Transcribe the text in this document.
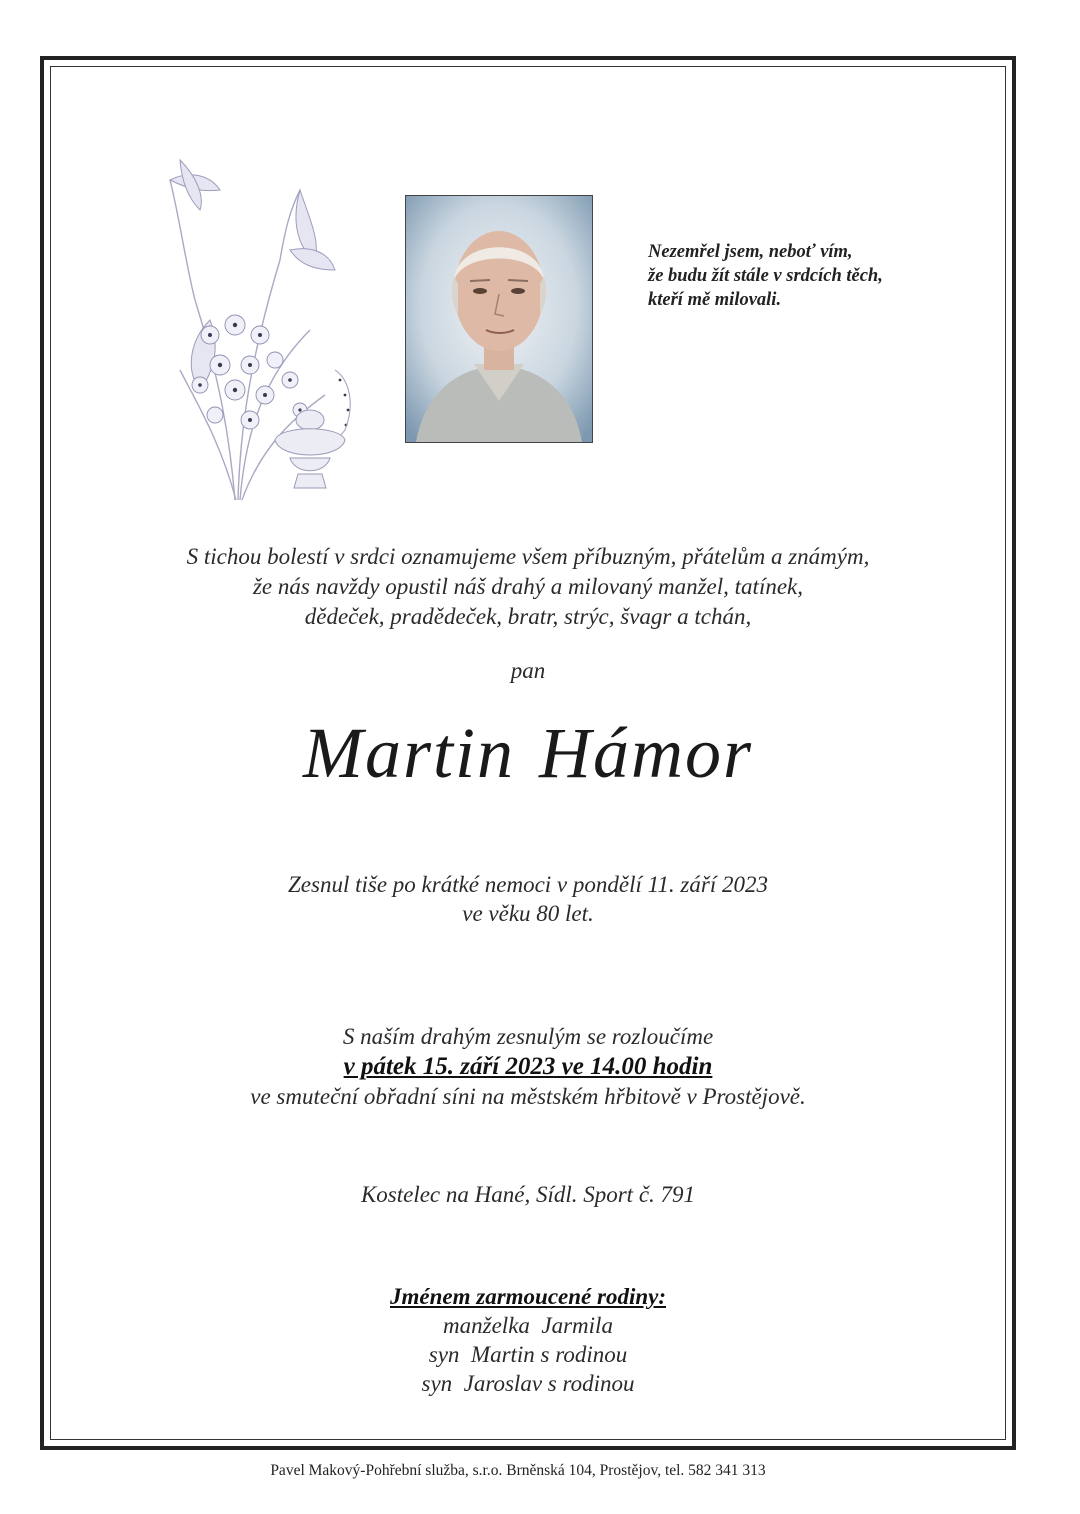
Nezemřel jsem, neboť vím,
že budu žít stále v srdcích těch,
kteří mě milovali.
S tichou bolestí v srdci oznamujeme všem příbuzným, přátelům a známým,
že nás navždy opustil náš drahý a milovaný manžel, tatínek,
dědeček, pradědeček, bratr, strýc, švagr a tchán,
pan
Martin Hámor
Zesnul tiše po krátké nemoci v pondělí 11. září 2023
ve věku 80 let.
S naším drahým zesnulým se rozloučíme
v pátek 15. září 2023 ve 14.00 hodin
ve smuteční obřadní síni na městském hřbitově v Prostějově.
Kostelec na Hané, Sídl. Sport č. 791
Jménem zarmoucené rodiny:
manželka  Jarmila
syn  Martin s rodinou
syn  Jaroslav s rodinou
Pavel Makový-Pohřební služba, s.r.o. Brněnská 104, Prostějov, tel. 582 341 313
